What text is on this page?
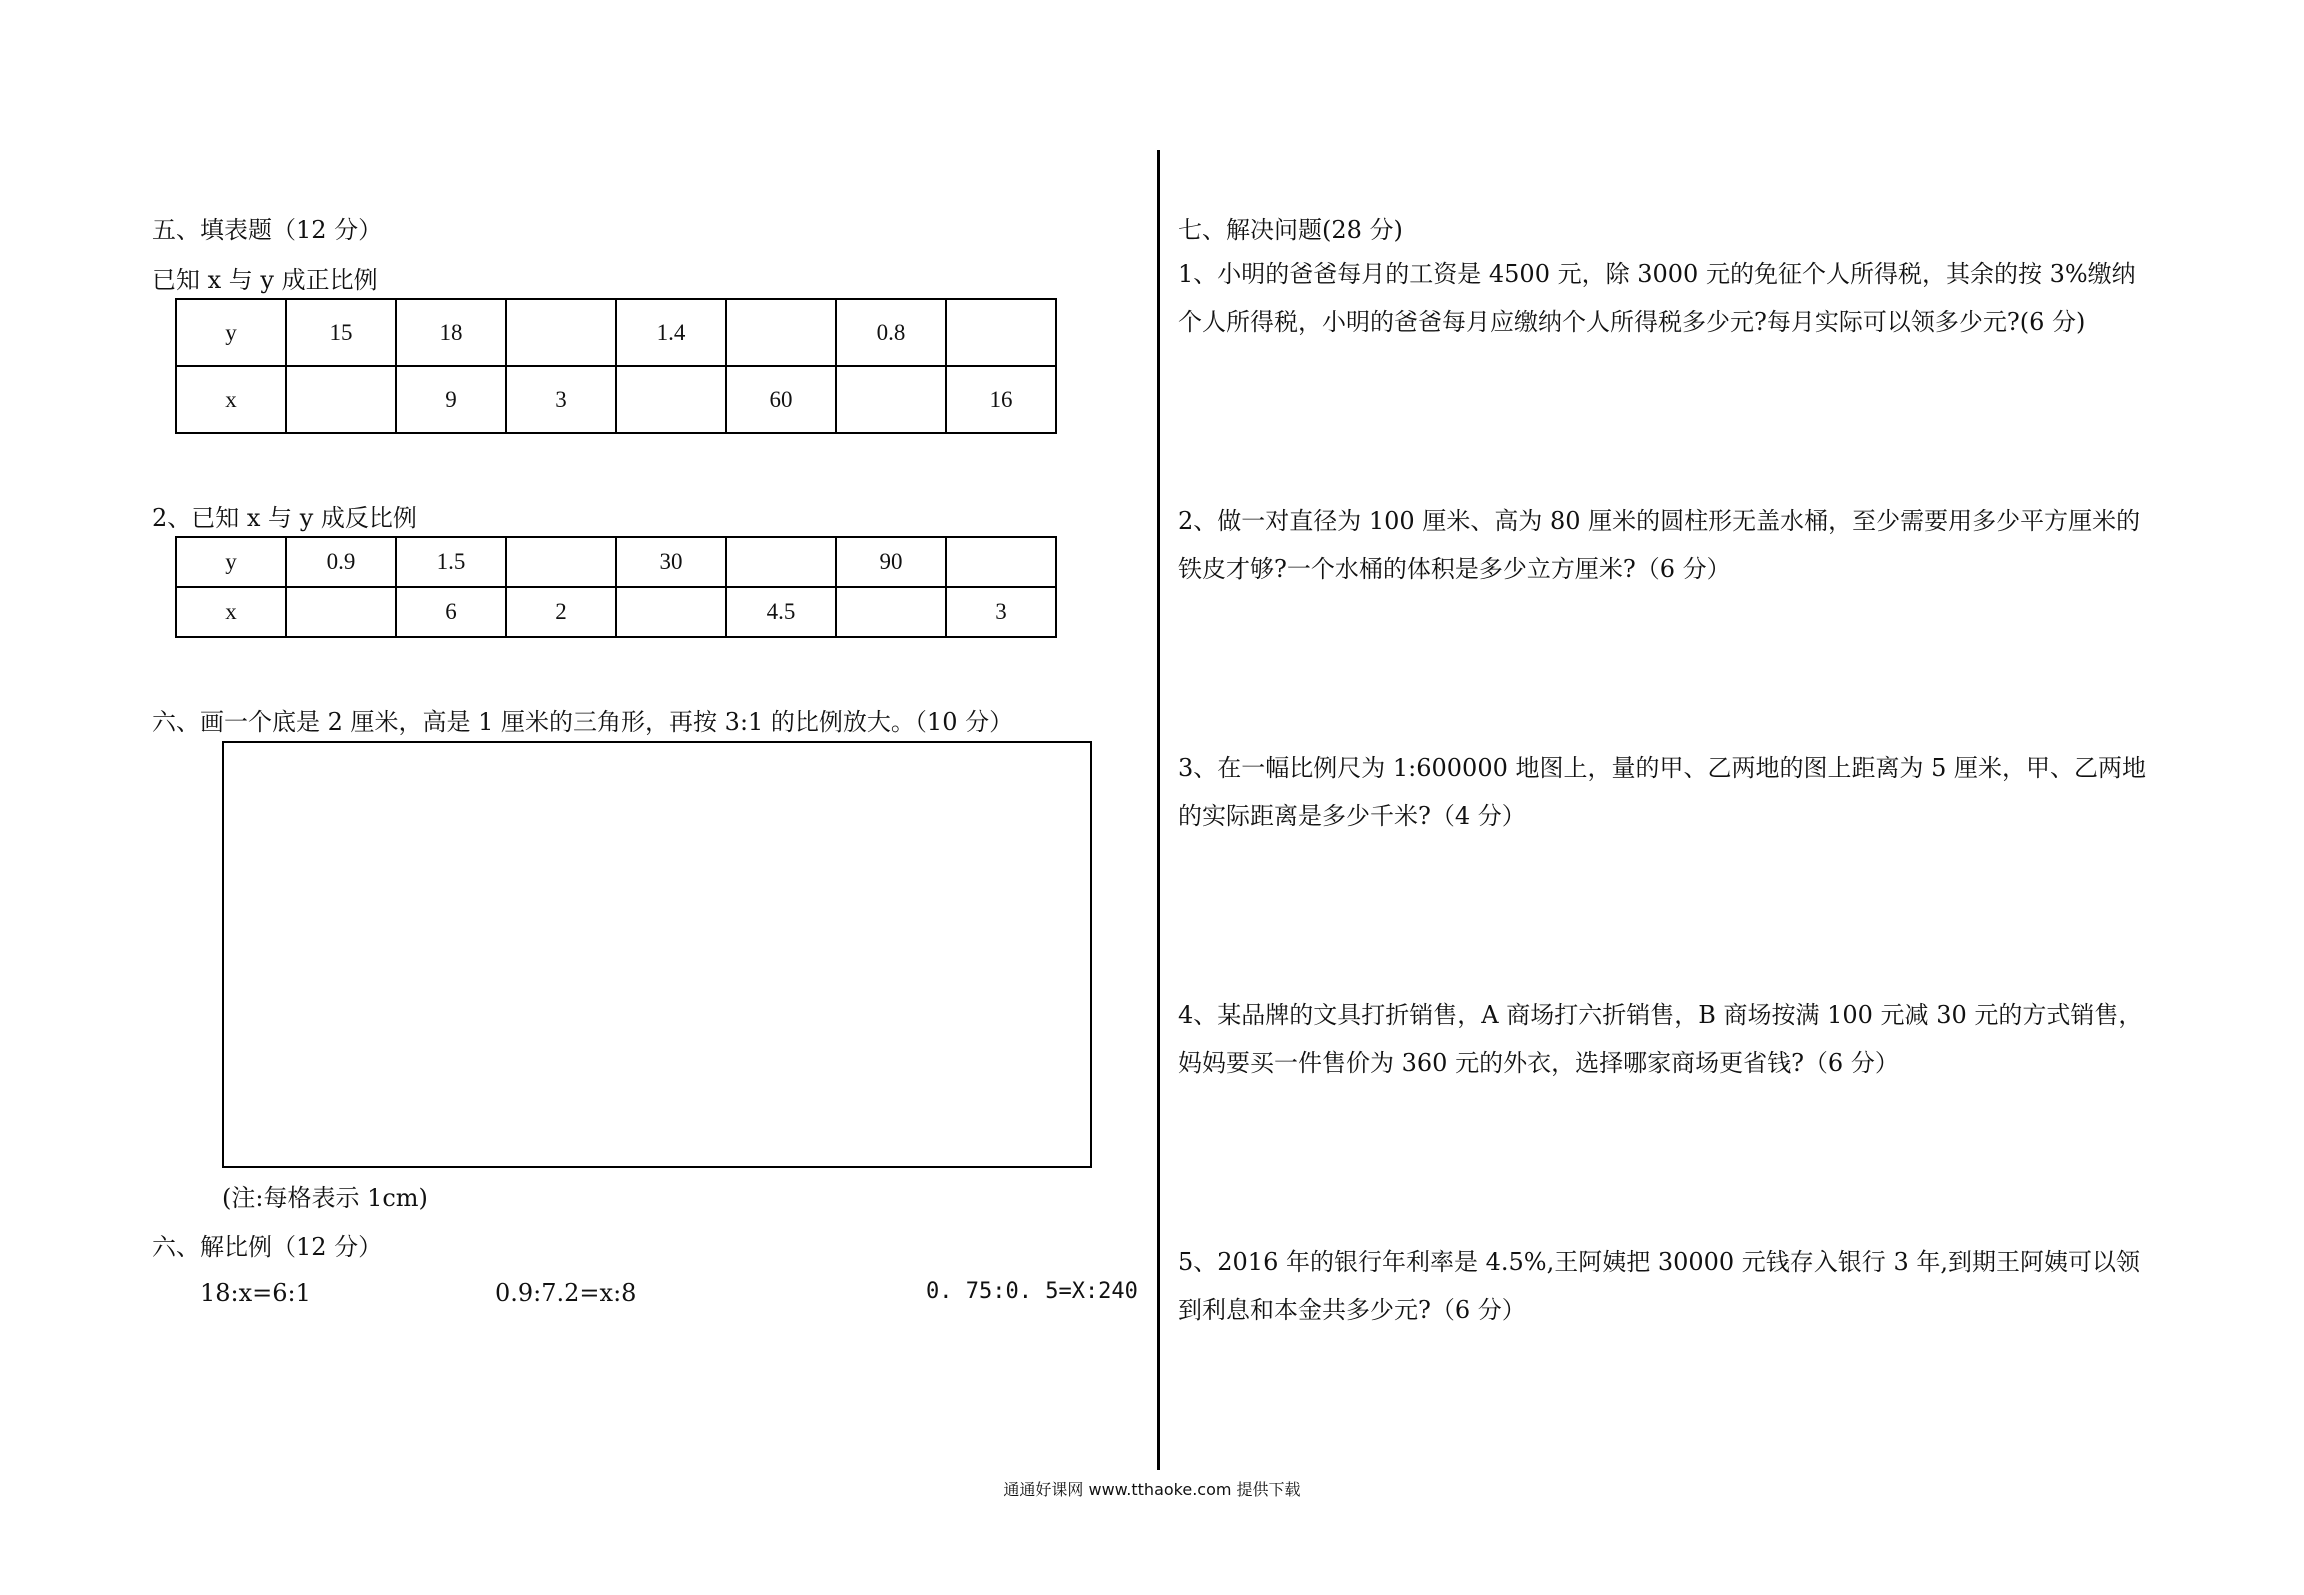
五、填表题（12 分）
已知 x 与 y 成正比例
y	15	18		1.4		0.8	
x		9	3		60		16
2、已知 x 与 y 成反比例
y	0.9	1.5		30		90	
x		6	2		4.5		3
六、画一个底是 2 厘米，高是 1 厘米的三角形，再按 3:1 的比例放大。（10 分）
(注:每格表示 1cm)
六、解比例（12 分）
18:x=6:1	0.9:7.2=x:8	0. 75:0. 5=X:240
七、解决问题(28 分)
1、小明的爸爸每月的工资是 4500 元，除 3000 元的免征个人所得税，其余的按 3%缴纳个人所得税，小明的爸爸每月应缴纳个人所得税多少元?每月实际可以领多少元?(6 分)
2、做一对直径为 100 厘米、高为 80 厘米的圆柱形无盖水桶，至少需要用多少平方厘米的铁皮才够?一个水桶的体积是多少立方厘米?（6 分）
3、在一幅比例尺为 1:600000 地图上，量的甲、乙两地的图上距离为 5 厘米，甲、乙两地的实际距离是多少千米?（4 分）
4、某品牌的文具打折销售，A 商场打六折销售，B 商场按满 100 元减 30 元的方式销售，妈妈要买一件售价为 360 元的外衣，选择哪家商场更省钱?（6 分）
5、2016 年的银行年利率是 4.5%,王阿姨把 30000 元钱存入银行 3 年,到期王阿姨可以领到利息和本金共多少元?（6 分）
通通好课网 www.tthaoke.com 提供下载
